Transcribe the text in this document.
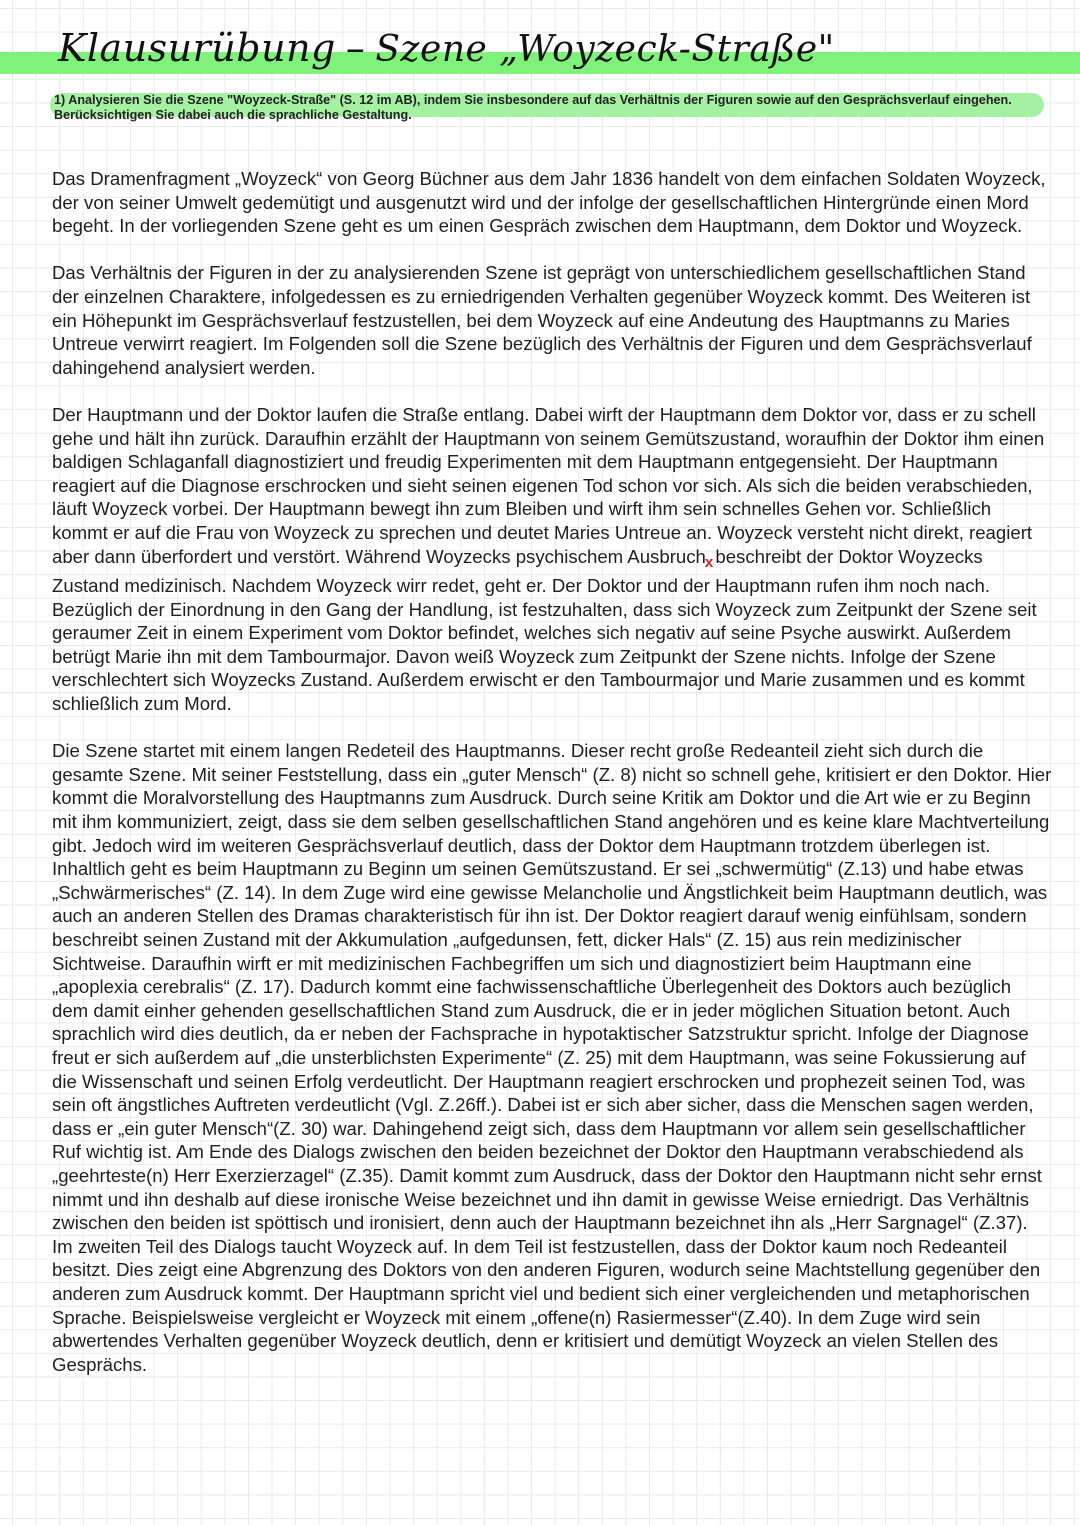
Klausurübung – Szene „Woyzeck-Straße"

1) Analysieren Sie die Szene "Woyzeck-Straße" (S. 12 im AB), indem Sie insbesondere auf das Verhältnis der Figuren sowie auf den Gesprächsverlauf eingehen. Berücksichtigen Sie dabei auch die sprachliche Gestaltung.

Das Dramenfragment „Woyzeck“ von Georg Büchner aus dem Jahr 1836 handelt von dem einfachen Soldaten Woyzeck, der von seiner Umwelt gedemütigt und ausgenutzt wird und der infolge der gesellschaftlichen Hintergründe einen Mord begeht. In der vorliegenden Szene geht es um einen Gespräch zwischen dem Hauptmann, dem Doktor und Woyzeck.

Das Verhältnis der Figuren in der zu analysierenden Szene ist geprägt von unterschiedlichem gesellschaftlichen Stand der einzelnen Charaktere, infolgedessen es zu erniedrigenden Verhalten gegenüber Woyzeck kommt. Des Weiteren ist ein Höhepunkt im Gesprächsverlauf festzustellen, bei dem Woyzeck auf eine Andeutung des Hauptmanns zu Maries Untreue verwirrt reagiert. Im Folgenden soll die Szene bezüglich des Verhältnis der Figuren und dem Gesprächsverlauf dahingehend analysiert werden.

Der Hauptmann und der Doktor laufen die Straße entlang. Dabei wirft der Hauptmann dem Doktor vor, dass er zu schell gehe und hält ihn zurück. Daraufhin erzählt der Hauptmann von seinem Gemütszustand, woraufhin der Doktor ihm einen baldigen Schlaganfall diagnostiziert und freudig Experimenten mit dem Hauptmann entgegensieht. Der Hauptmann reagiert auf die Diagnose erschrocken und sieht seinen eigenen Tod schon vor sich. Als sich die beiden verabschieden, läuft Woyzeck vorbei. Der Hauptmann bewegt ihn zum Bleiben und wirft ihm sein schnelles Gehen vor. Schließlich kommt er auf die Frau von Woyzeck zu sprechen und deutet Maries Untreue an. Woyzeck versteht nicht direkt, reagiert aber dann überfordert und verstört. Während Woyzecks psychischem Ausbruch$_x$ beschreibt der Doktor Woyzecks Zustand medizinisch. Nachdem Woyzeck wirr redet, geht er. Der Doktor und der Hauptmann rufen ihm noch nach.

Bezüglich der Einordnung in den Gang der Handlung, ist festzuhalten, dass sich Woyzeck zum Zeitpunkt der Szene seit geraumer Zeit in einem Experiment vom Doktor befindet, welches sich negativ auf seine Psyche auswirkt. Außerdem betrügt Marie ihn mit dem Tambourmajor. Davon weiß Woyzeck zum Zeitpunkt der Szene nichts. Infolge der Szene verschlechtert sich Woyzecks Zustand. Außerdem erwischt er den Tambourmajor und Marie zusammen und es kommt schließlich zum Mord.

Die Szene startet mit einem langen Redeteil des Hauptmanns. Dieser recht große Redeanteil zieht sich durch die gesamte Szene. Mit seiner Feststellung, dass ein „guter Mensch“ (Z. 8) nicht so schnell gehe, kritisiert er den Doktor. Hier kommt die Moralvorstellung des Hauptmanns zum Ausdruck. Durch seine Kritik am Doktor und die Art wie er zu Beginn mit ihm kommuniziert, zeigt, dass sie dem selben gesellschaftlichen Stand angehören und es keine klare Machtverteilung gibt. Jedoch wird im weiteren Gesprächsverlauf deutlich, dass der Doktor dem Hauptmann trotzdem überlegen ist. Inhaltlich geht es beim Hauptmann zu Beginn um seinen Gemütszustand. Er sei „schwermütig“ (Z.13) und habe etwas „Schwärmerisches“ (Z. 14). In dem Zuge wird eine gewisse Melancholie und Ängstlichkeit beim Hauptmann deutlich, was auch an anderen Stellen des Dramas charakteristisch für ihn ist. Der Doktor reagiert darauf wenig einfühlsam, sondern beschreibt seinen Zustand mit der Akkumulation „aufgedunsen, fett, dicker Hals“ (Z. 15) aus rein medizinischer Sichtweise. Daraufhin wirft er mit medizinischen Fachbegriffen um sich und diagnostiziert beim Hauptmann eine „apoplexia cerebralis“ (Z. 17). Dadurch kommt eine fachwissenschaftliche Überlegenheit des Doktors auch bezüglich dem damit einher gehenden gesellschaftlichen Stand zum Ausdruck, die er in jeder möglichen Situation betont. Auch sprachlich wird dies deutlich, da er neben der Fachsprache in hypotaktischer Satzstruktur spricht. Infolge der Diagnose freut er sich außerdem auf „die unsterblichsten Experimente“ (Z. 25) mit dem Hauptmann, was seine Fokussierung auf die Wissenschaft und seinen Erfolg verdeutlicht. Der Hauptmann reagiert erschrocken und prophezeit seinen Tod, was sein oft ängstliches Auftreten verdeutlicht (Vgl. Z.26ff.). Dabei ist er sich aber sicher, dass die Menschen sagen werden, dass er „ein guter Mensch“(Z. 30) war. Dahingehend zeigt sich, dass dem Hauptmann vor allem sein gesellschaftlicher Ruf wichtig ist. Am Ende des Dialogs zwischen den beiden bezeichnet der Doktor den Hauptmann verabschiedend als „geehrteste(n) Herr Exerzierzagel“ (Z.35). Damit kommt zum Ausdruck, dass der Doktor den Hauptmann nicht sehr ernst nimmt und ihn deshalb auf diese ironische Weise bezeichnet und ihn damit in gewisse Weise erniedrigt. Das Verhältnis zwischen den beiden ist spöttisch und ironisiert, denn auch der Hauptmann bezeichnet ihn als „Herr Sargnagel“ (Z.37). Im zweiten Teil des Dialogs taucht Woyzeck auf. In dem Teil ist festzustellen, dass der Doktor kaum noch Redeanteil besitzt. Dies zeigt eine Abgrenzung des Doktors von den anderen Figuren, wodurch seine Machtstellung gegenüber den anderen zum Ausdruck kommt. Der Hauptmann spricht viel und bedient sich einer vergleichenden und metaphorischen Sprache. Beispielsweise vergleicht er Woyzeck mit einem „offene(n) Rasiermesser“(Z.40). In dem Zuge wird sein abwertendes Verhalten gegenüber Woyzeck deutlich, denn er kritisiert und demütigt Woyzeck an vielen Stellen des Gesprächs.
